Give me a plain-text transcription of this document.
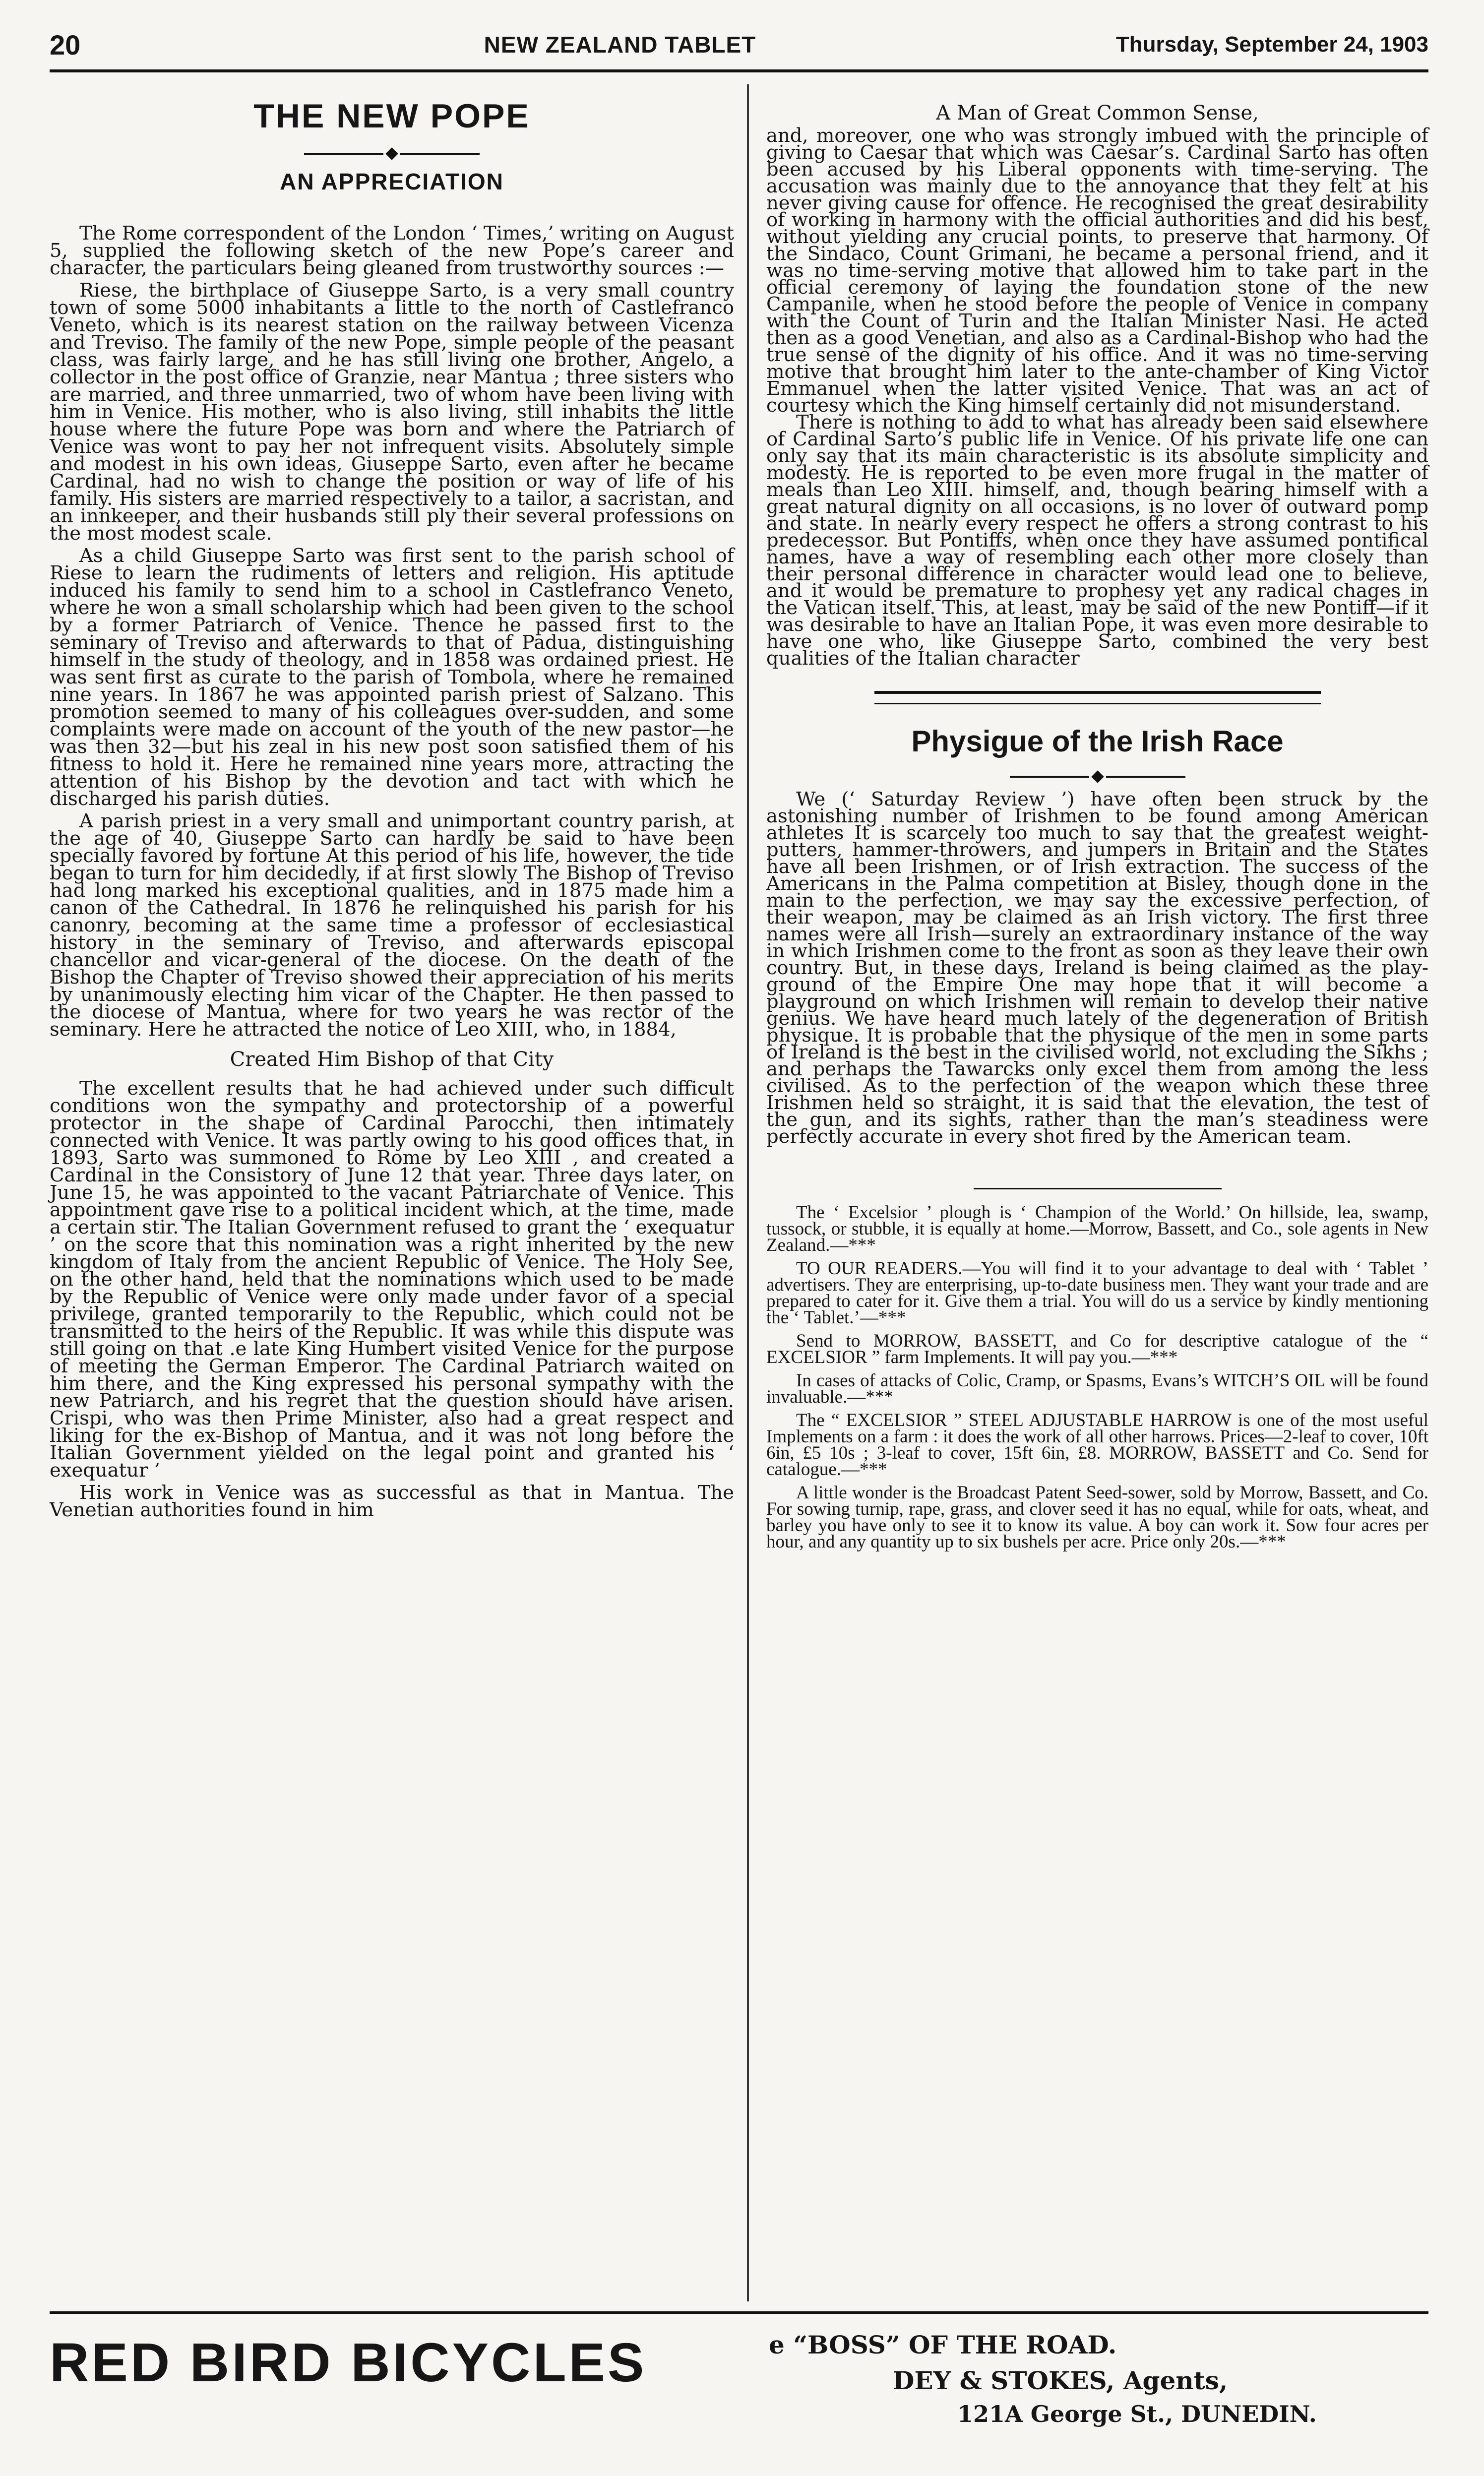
20	NEW ZEALAND TABLET	Thursday, September 24, 1903
THE NEW POPE
AN APPRECIATION

The Rome correspondent of the London ‘ Times,’ writing on August 5, supplied the following sketch of the new Pope’s career and character, the particulars being gleaned from trustworthy sources :—

Riese, the birthplace of Giuseppe Sarto, is a very small country town of some 5000 inhabitants a little to the north of Castlefranco Veneto, which is its nearest station on the railway between Vicenza and Treviso. The family of the new Pope, simple people of the peasant class, was fairly large, and he has still living one brother, Angelo, a collector in the post office of Granzie, near Mantua ; three sisters who are married, and three unmarried, two of whom have been living with him in Venice. His mother, who is also living, still inhabits the little house where the future Pope was born and where the Patriarch of Venice was wont to pay her not infrequent visits. Absolutely simple and modest in his own ideas, Giuseppe Sarto, even after he became Cardinal, had no wish to change the position or way of life of his family. His sisters are married respectively to a tailor, a sacristan, and an innkeeper, and their husbands still ply their several professions on the most modest scale.

As a child Giuseppe Sarto was first sent to the parish school of Riese to learn the rudiments of letters and religion. His aptitude induced his family to send him to a school in Castlefranco Veneto, where he won a small scholarship which had been given to the school by a former Patriarch of Venice. Thence he passed first to the seminary of Treviso and afterwards to that of Padua, distinguishing himself in the study of theology, and in 1858 was ordained priest. He was sent first as curate to the parish of Tombola, where he remained nine years. In 1867 he was appointed parish priest of Salzano. This promotion seemed to many of his colleagues over-sudden, and some complaints were made on account of the youth of the new pastor—he was then 32—but his zeal in his new post soon satisfied them of his fitness to hold it. Here he remained nine years more, attracting the attention of his Bishop by the devotion and tact with which he discharged his parish duties.

A parish priest in a very small and unimportant country parish, at the age of 40, Giuseppe Sarto can hardly be said to have been specially favored by fortune At this period of his life, however, the tide began to turn for him decidedly, if at first slowly The Bishop of Treviso had long marked his exceptional qualities, and in 1875 made him a canon of the Cathedral. In 1876 he relinquished his parish for his canonry, becoming at the same time a professor of ecclesiastical history in the seminary of Treviso, and afterwards episcopal chancellor and vicar-general of the diocese. On the death of the Bishop the Chapter of Treviso showed their appreciation of his merits by unanimously electing him vicar of the Chapter. He then passed to the diocese of Mantua, where for two years he was rector of the seminary. Here he attracted the notice of Leo XIII, who, in 1884,

Created Him Bishop of that City

The excellent results that he had achieved under such difficult conditions won the sympathy and protectorship of a powerful protector in the shape of Cardinal Parocchi, then intimately connected with Venice. It was partly owing to his good offices that, in 1893, Sarto was summoned to Rome by Leo XIII , and created a Cardinal in the Consistory of June 12 that year. Three days later, on June 15, he was appointed to the vacant Patriarchate of Venice. This appointment gave rise to a political incident which, at the time, made a certain stir. The Italian Government refused to grant the ‘ exequatur ’ on the score that this nomination was a right inherited by the new kingdom of Italy from the ancient Republic of Venice. The Holy See, on the other hand, held that the nominations which used to be made by the Republic of Venice were only made under favor of a special privilege, granted temporarily to the Republic, which could not be transmitted to the heirs of the Republic. It was while this dispute was still going on that .e late King Humbert visited Venice for the purpose of meeting the German Emperor. The Cardinal Patriarch waited on him there, and the King expressed his personal sympathy with the new Patriarch, and his regret that the question should have arisen. Crispi, who was then Prime Minister, also had a great respect and liking for the ex-Bishop of Mantua, and it was not long before the Italian Government yielded on the legal point and granted his ‘ exequatur ’

His work in Venice was as successful as that in Mantua. The Venetian authorities found in him

A Man of Great Common Sense,

and, moreover, one who was strongly imbued with the principle of giving to Caesar that which was Caesar’s. Cardinal Sarto has often been accused by his Liberal opponents with time-serving. The accusation was mainly due to the annoyance that they felt at his never giving cause for offence. He recognised the great desirability of working in harmony with the official authorities and did his best, without yielding any crucial points, to preserve that harmony. Of the Sindaco, Count Grimani, he became a personal friend, and it was no time-serving motive that allowed him to take part in the official ceremony of laying the foundation stone of the new Campanile, when he stood before the people of Venice in company with the Count of Turin and the Italian Minister Nasi. He acted then as a good Venetian, and also as a Cardinal-Bishop who had the true sense of the dignity of his office. And it was no time-serving motive that brought him later to the ante-chamber of King Victor Emmanuel when the latter visited Venice. That was an act of courtesy which the King himself certainly did not misunderstand.

There is nothing to add to what has already been said elsewhere of Cardinal Sarto’s public life in Venice. Of his private life one can only say that its main characteristic is its absolute simplicity and modesty. He is reported to be even more frugal in the matter of meals than Leo XIII. himself, and, though bearing himself with a great natural dignity on all occasions, is no lover of outward pomp and state. In nearly every respect he offers a strong contrast to his predecessor. But Pontiffs, when once they have assumed pontifical names, have a way of resembling each other more closely than their personal difference in character would lead one to believe, and it would be premature to prophesy yet any radical chages in the Vatican itself. This, at least, may be said of the new Pontiff—if it was desirable to have an Italian Pope, it was even more desirable to have one who, like Giuseppe Sarto, combined the very best qualities of the Italian character

Physigue of the Irish Race

We (‘ Saturday Review ’) have often been struck by the astonishing number of Irishmen to be found among American athletes It is scarcely too much to say that the greatest weight-putters, hammer-throwers, and jumpers in Britain and the States have all been Irishmen, or of Irish extraction. The success of the Americans in the Palma competition at Bisley, though done in the main to the perfection, we may say the excessive perfection, of their weapon, may be claimed as an Irish victory. The first three names were all Irish—surely an extraordinary instance of the way in which Irishmen come to the front as soon as they leave their own country. But, in these days, Ireland is being claimed as the play-ground of the Empire One may hope that it will become a playground on which Irishmen will remain to develop their native genius. We have heard much lately of the degeneration of British physique. It is probable that the physique of the men in some parts of Ireland is the best in the civilised world, not excluding the Sikhs ; and perhaps the Tawarcks only excel them from among the less civilised. As to the perfection of the weapon which these three Irishmen held so straight, it is said that the elevation, the test of the gun, and its sights, rather than the man’s steadiness were perfectly accurate in every shot fired by the American team.

The ‘ Excelsior ’ plough is ‘ Champion of the World.’ On hillside, lea, swamp, tussock, or stubble, it is equally at home.—Morrow, Bassett, and Co., sole agents in New Zealand.—***

TO OUR READERS.—You will find it to your advantage to deal with ‘ Tablet ’ advertisers. They are enterprising, up-to-date business men. They want your trade and are prepared to cater for it. Give them a trial. You will do us a service by kindly mentioning the ‘ Tablet.’—***

Send to MORROW, BASSETT, and Co for descriptive catalogue of the “ EXCELSIOR ” farm Implements. It will pay you.—***

In cases of attacks of Colic, Cramp, or Spasms, Evans’s WITCH’S OIL will be found invaluable.—***

The “ EXCELSIOR ” STEEL ADJUSTABLE HARROW is one of the most useful Implements on a farm : it does the work of all other harrows. Prices—2-leaf to cover, 10ft 6in, £5 10s ; 3-leaf to cover, 15ft 6in, £8. MORROW, BASSETT and Co. Send for catalogue.—***

A little wonder is the Broadcast Patent Seed-sower, sold by Morrow, Bassett, and Co. For sowing turnip, rape, grass, and clover seed it has no equal, while for oats, wheat, and barley you have only to see it to know its value. A boy can work it. Sow four acres per hour, and any quantity up to six bushels per acre. Price only 20s.—***

RED BIRD BICYCLES	e “BOSS” OF THE ROAD.
DEY & STOKES, Agents,
121A George St., DUNEDIN.
